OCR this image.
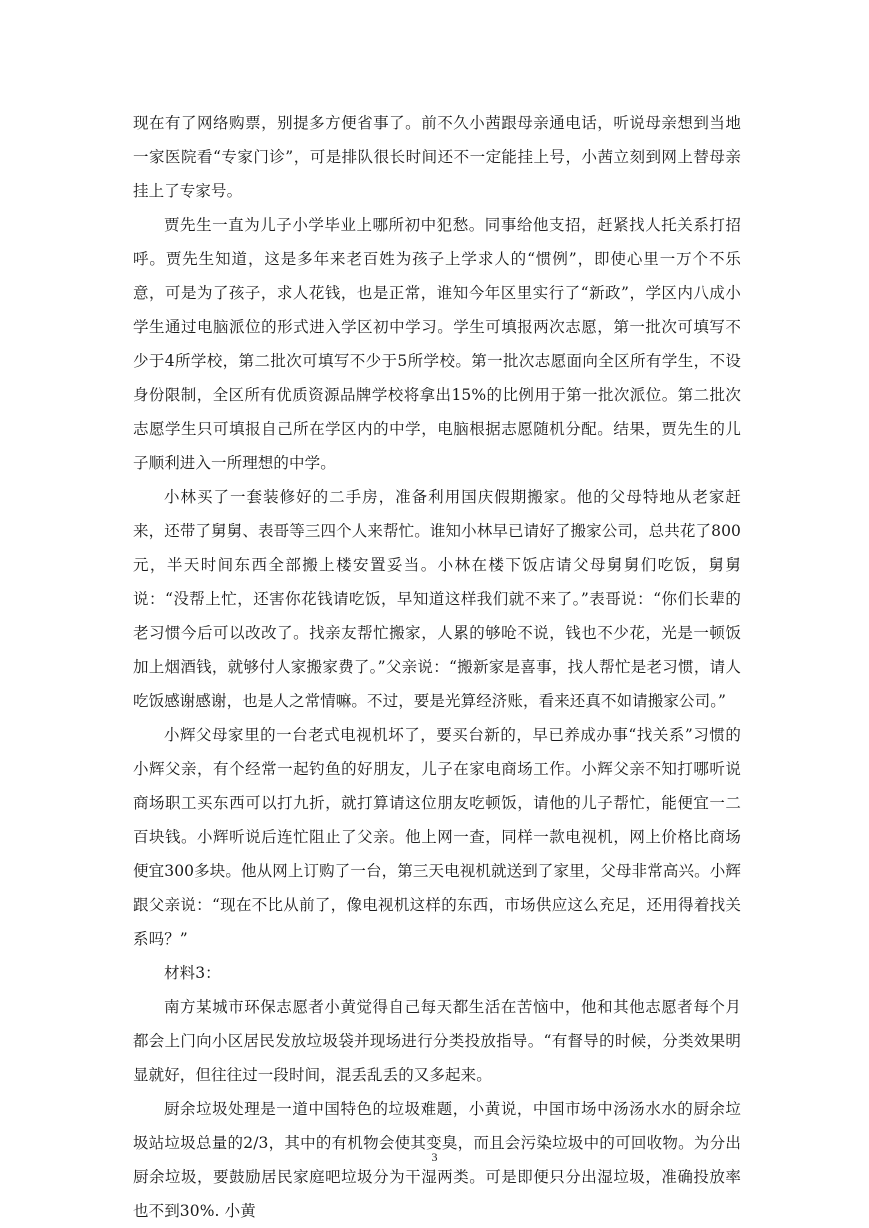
现在有了网络购票，别提多方便省事了。前不久小茜跟母亲通电话，听说母亲想到当地一家医院看“专家门诊”，可是排队很长时间还不一定能挂上号，小茜立刻到网上替母亲挂上了专家号。

贾先生一直为儿子小学毕业上哪所初中犯愁。同事给他支招，赶紧找人托关系打招呼。贾先生知道，这是多年来老百姓为孩子上学求人的“惯例”，即使心里一万个不乐意，可是为了孩子，求人花钱，也是正常，谁知今年区里实行了“新政”，学区内八成小学生通过电脑派位的形式进入学区初中学习。学生可填报两次志愿，第一批次可填写不少于4所学校，第二批次可填写不少于5所学校。第一批次志愿面向全区所有学生，不设身份限制，全区所有优质资源品牌学校将拿出15%的比例用于第一批次派位。第二批次志愿学生只可填报自己所在学区内的中学，电脑根据志愿随机分配。结果，贾先生的儿子顺利进入一所理想的中学。

小林买了一套装修好的二手房，准备利用国庆假期搬家。他的父母特地从老家赶来，还带了舅舅、表哥等三四个人来帮忙。谁知小林早已请好了搬家公司，总共花了800元，半天时间东西全部搬上楼安置妥当。小林在楼下饭店请父母舅舅们吃饭，舅舅说：“没帮上忙，还害你花钱请吃饭，早知道这样我们就不来了。”表哥说：“你们长辈的老习惯今后可以改改了。找亲友帮忙搬家，人累的够呛不说，钱也不少花，光是一顿饭加上烟酒钱，就够付人家搬家费了。”父亲说：“搬新家是喜事，找人帮忙是老习惯，请人吃饭感谢感谢，也是人之常情嘛。不过，要是光算经济账，看来还真不如请搬家公司。”

小辉父母家里的一台老式电视机坏了，要买台新的，早已养成办事“找关系”习惯的小辉父亲，有个经常一起钓鱼的好朋友，儿子在家电商场工作。小辉父亲不知打哪听说商场职工买东西可以打九折，就打算请这位朋友吃顿饭，请他的儿子帮忙，能便宜一二百块钱。小辉听说后连忙阻止了父亲。他上网一查，同样一款电视机，网上价格比商场便宜300多块。他从网上订购了一台，第三天电视机就送到了家里，父母非常高兴。小辉跟父亲说：“现在不比从前了，像电视机这样的东西，市场供应这么充足，还用得着找关系吗？”

材料3：

南方某城市环保志愿者小黄觉得自己每天都生活在苦恼中，他和其他志愿者每个月都会上门向小区居民发放垃圾袋并现场进行分类投放指导。“有督导的时候，分类效果明显就好，但往往过一段时间，混丢乱丢的又多起来。

厨余垃圾处理是一道中国特色的垃圾难题，小黄说，中国市场中汤汤水水的厨余垃圾站垃圾总量的2/3，其中的有机物会使其变臭，而且会污染垃圾中的可回收物。为分出厨余垃圾，要鼓励居民家庭吧垃圾分为干湿两类。可是即便只分出湿垃圾，准确投放率也不到30%. 小黄

3
